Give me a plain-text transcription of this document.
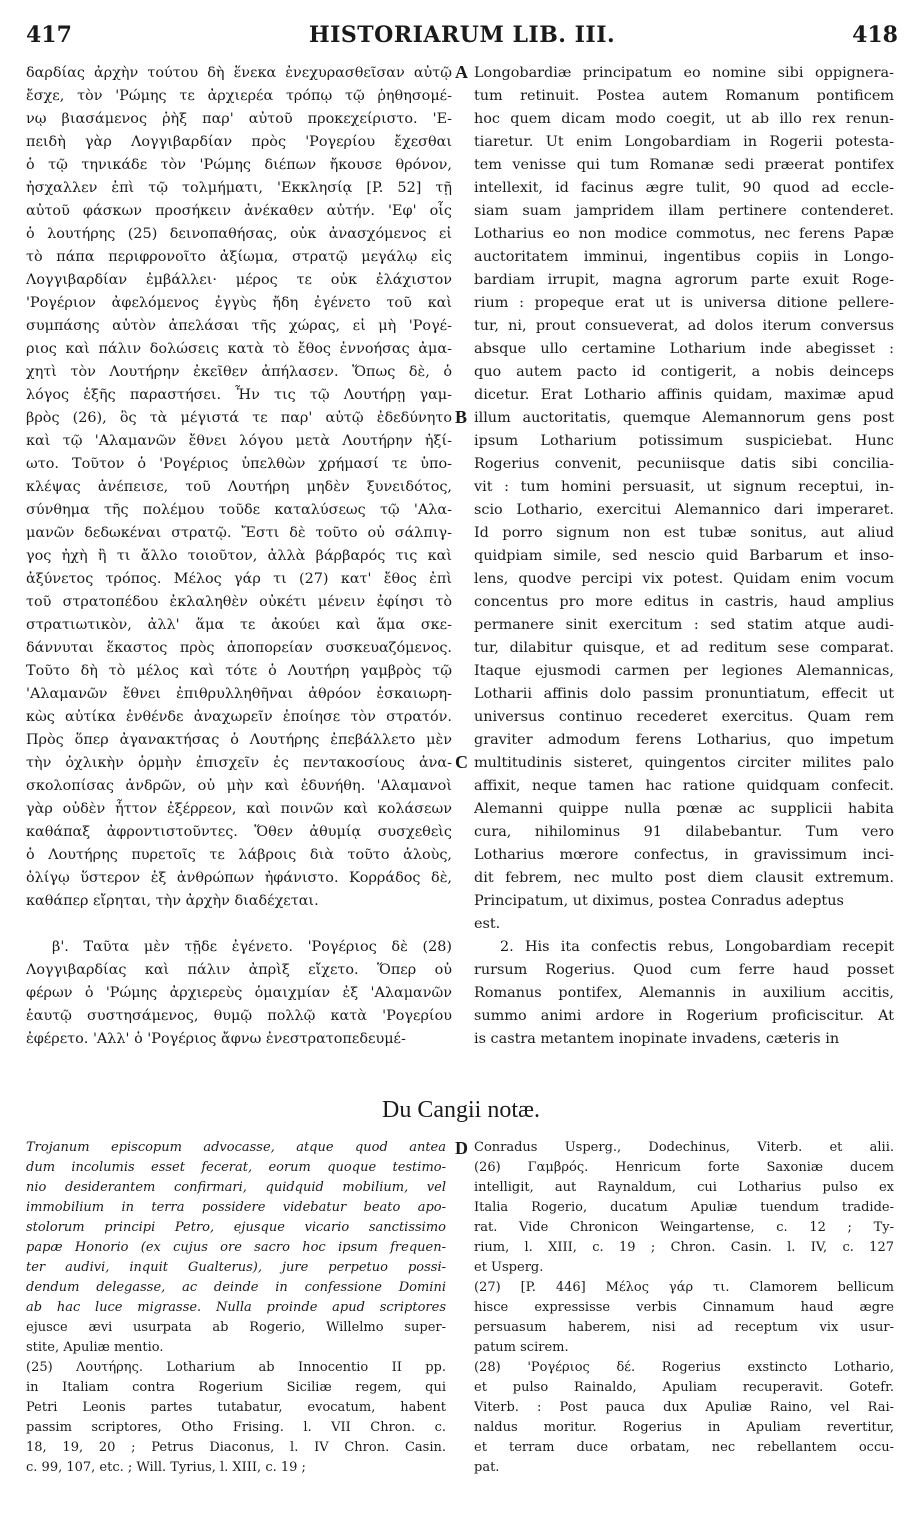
417	HISTORIARUM LIB. III.	418
A
B
C
D
δαρδίας ἀρχὴν τούτου δὴ ἕνεκα ἐνεχυρασθεῖσαν αὐτῷ
ἔσχε, τὸν 'Ρώμης τε ἀρχιερέα τρόπῳ τῷ ῥηθησομέ-
νῳ βιασάμενος ῥὴξ παρ' αὐτοῦ προκεχείριστο. 'Ε-
πειδὴ γὰρ Λογγιβαρδίαν πρὸς 'Ρογερίου ἔχεσθαι
ὁ τῷ τηνικάδε τὸν 'Ρώμης διέπων ἤκουσε θρόνον,
ἠσχαλλεν ἐπὶ τῷ τολμήματι, 'Εκκλησίᾳ [P. 52] τῇ
αὐτοῦ φάσκων προσήκειν ἀνέκαθεν αὐτήν. 'Εφ' οἷς
ὁ λουτήρης (25) δεινοπαθήσας, οὐκ ἀνασχόμενος εἰ
τὸ πάπα περιφρονοῖτο ἀξίωμα, στρατῷ μεγάλῳ εἰς
Λογγιβαρδίαν ἐμβάλλει· μέρος τε οὐκ ἐλάχιστον
'Ρογέριον ἀφελόμενος ἐγγὺς ἤδη ἐγένετο τοῦ καὶ
συμπάσης αὐτὸν ἀπελάσαι τῆς χώρας, εἰ μὴ 'Ρογέ-
ριος καὶ πάλιν δολώσεις κατὰ τὸ ἔθος ἐννοήσας ἀμα-
χητὶ τὸν Λουτήρην ἐκεῖθεν ἀπήλασεν. Ὅπως δὲ, ὁ
λόγος ἑξῆς παραστήσει. Ἦν τις τῷ Λουτήρῃ γαμ-
βρὸς (26), ὃς τὰ μέγιστά τε παρ' αὐτῷ ἐδεδύνητο
καὶ τῷ 'Αλαμανῶν ἔθνει λόγου μετὰ Λουτήρην ἠξί-
ωτο. Τοῦτον ὁ 'Ρογέριος ὑπελθὼν χρήμασί τε ὑπο-
κλέψας ἀνέπεισε, τοῦ Λουτήρη μηδὲν ξυνειδότος,
σύνθημα τῆς πολέμου τοῦδε καταλύσεως τῷ 'Αλα-
μανῶν δεδωκέναι στρατῷ. Ἔστι δὲ τοῦτο οὐ σάλπιγ-
γος ἠχὴ ἢ τι ἄλλο τοιοῦτον, ἀλλὰ βάρβαρός τις καὶ
ἀξύνετος τρόπος. Μέλος γάρ τι (27) κατ' ἔθος ἐπὶ
τοῦ στρατοπέδου ἐκλαληθὲν οὐκέτι μένειν ἐφίησι τὸ
στρατιωτικὸν, ἀλλ' ἅμα τε ἀκούει καὶ ἅμα σκε-
δάννυται ἕκαστος πρὸς ἀποπορείαν συσκευαζόμενος.
Τοῦτο δὴ τὸ μέλος καὶ τότε ὁ Λουτήρη γαμβρὸς τῷ
'Αλαμανῶν ἔθνει ἐπιθρυλληθῆναι ἀθρόον ἐσκαιωρη-
κὼς αὐτίκα ἐνθένδε ἀναχωρεῖν ἐποίησε τὸν στρατόν.
Πρὸς ὅπερ ἀγανακτήσας ὁ Λουτήρης ἐπεβάλλετο μὲν
τὴν ὀχλικὴν ὁρμὴν ἐπισχεῖν ἐς πεντακοσίους ἀνα-
σκολοπίσας ἀνδρῶν, οὐ μὴν καὶ ἐδυνήθη. 'Αλαμανοὶ
γὰρ οὐδὲν ἧττον ἐξέρρεον, καὶ ποινῶν καὶ κολάσεων
καθάπαξ ἀφροντιστοῦντες. Ὅθεν ἀθυμίᾳ συσχεθεὶς
ὁ Λουτήρης πυρετοῖς τε λάβροις διὰ τοῦτο ἁλοὺς,
ὀλίγῳ ὕστερον ἐξ ἀνθρώπων ἠφάνιστο. Κορράδος δὲ,
καθάπερ εἴρηται, τὴν ἀρχὴν διαδέχεται.
β'. Ταῦτα μὲν τῇδε ἐγένετο. 'Ρογέριος δὲ (28)
Λογγιβαρδίας καὶ πάλιν ἀπρὶξ εἴχετο. Ὅπερ οὐ
φέρων ὁ 'Ρώμης ἀρχιερεὺς ὁμαιχμίαν ἐξ 'Αλαμανῶν
ἑαυτῷ συστησάμενος, θυμῷ πολλῷ κατὰ 'Ρογερίου
ἐφέρετο. 'Αλλ' ὁ 'Ρογέριος ἄφνω ἐνεστρατοπεδευμέ-
Longobardiæ principatum eo nomine sibi oppignera-
tum retinuit. Postea autem Romanum pontificem
hoc quem dicam modo coegit, ut ab illo rex renun-
tiaretur. Ut enim Longobardiam in Rogerii potesta-
tem venisse qui tum Romanæ sedi præerat pontifex
intellexit, id facinus ægre tulit, 90 quod ad eccle-
siam suam jampridem illam pertinere contenderet.
Lotharius eo non modice commotus, nec ferens Papæ
auctoritatem imminui, ingentibus copiis in Longo-
bardiam irrupit, magna agrorum parte exuit Roge-
rium : propeque erat ut is universa ditione pellere-
tur, ni, prout consueverat, ad dolos iterum conversus
absque ullo certamine Lotharium inde abegisset :
quo autem pacto id contigerit, a nobis deinceps
dicetur. Erat Lothario affinis quidam, maximæ apud
illum auctoritatis, quemque Alemannorum gens post
ipsum Lotharium potissimum suspiciebat. Hunc
Rogerius convenit, pecuniisque datis sibi concilia-
vit : tum homini persuasit, ut signum receptui, in-
scio Lothario, exercitui Alemannico dari imperaret.
Id porro signum non est tubæ sonitus, aut aliud
quidpiam simile, sed nescio quid Barbarum et insо-
lens, quodve percipi vix potest. Quidam enim vocum
concentus pro more editus in castris, haud amplius
permanere sinit exercitum : sed statim atque audi-
tur, dilabitur quisque, et ad reditum sese comparat.
Itaque ejusmodi carmen per legiones Alemannicas,
Lotharii affinis dolo passim pronuntiatum, effecit ut
universus continuo recederet exercitus. Quam rem
graviter admodum ferens Lotharius, quo impetum
multitudinis sisteret, quingentos circiter milites palo
affixit, neque tamen hac ratione quidquam confecit.
Alemanni quippe nulla pœnæ ac supplicii habita
cura, nihilominus 91 dilabebantur. Tum vero
Lotharius mœrore confectus, in gravissimum inci-
dit febrem, nec multo post diem clausit extremum.
Principatum, ut diximus, postea Conradus adeptus
est.
2. His ita confectis rebus, Longobardiam recepit
rursum Rogerius. Quod cum ferre haud posset
Romanus pontifex, Alemannis in auxilium accitis,
summo animi ardore in Rogerium proficiscitur. At
is castra metantem inopinate invadens, cæteris in
Du Cangii notæ.
Trojanum episcopum advocasse, atque quod antea
dum incolumis esset fecerat, eorum quoque testimo-
nio desiderantem confirmari, quidquid mobilium, vel
immobilium in terra possidere videbatur beato apo-
stolorum principi Petro, ejusque vicario sanctissimo
papæ Honorio (ex cujus ore sacro hoc ipsum frequen-
ter audivi, inquit Gualterus), jure perpetuo possi-
dendum delegasse, ac deinde in confessione Domini
ab hac luce migrasse. Nulla proinde apud scriptores
ejusce ævi usurpata ab Rogerio, Willelmo super-
stite, Apuliæ mentio.
(25) Λουτήρης. Lotharium ab Innocentio II pp.
in Italiam contra Rogerium Siciliæ regem, qui
Petri Leonis partes tutabatur, evocatum, habent
passim scriptores, Otho Frising. l. VII Chron. c.
18, 19, 20 ; Petrus Diaconus, l. IV Chron. Casin.
c. 99, 107, etc. ; Will. Tyrius, l. XIII, c. 19 ;
Conradus Usperg., Dodechinus, Viterb. et alii.
(26) Γαμβρός. Henricum forte Saxoniæ ducem
intelligit, aut Raynaldum, cui Lotharius pulso ex
Italia Rogerio, ducatum Apuliæ tuendum tradide-
rat. Vide Chronicon Weingartense, c. 12 ; Ty-
rium, l. XIII, c. 19 ; Chron. Casin. l. IV, c. 127
et Usperg.
(27) [P. 446] Μέλος γάρ τι. Clamorem bellicum
hisce expressisse verbis Cinnamum haud ægre
persuasum haberem, nisi ad receptum vix usur-
patum scirem.
(28) 'Ρογέριος δέ. Rogerius exstincto Lothario,
et pulso Rainaldo, Apuliam recuperavit. Gotefr.
Viterb. : Post pauca dux Apuliæ Raino, vel Rai-
naldus moritur. Rogerius in Apuliam revertitur,
et terram duce orbatam, nec rebellantem occu-
pat.
